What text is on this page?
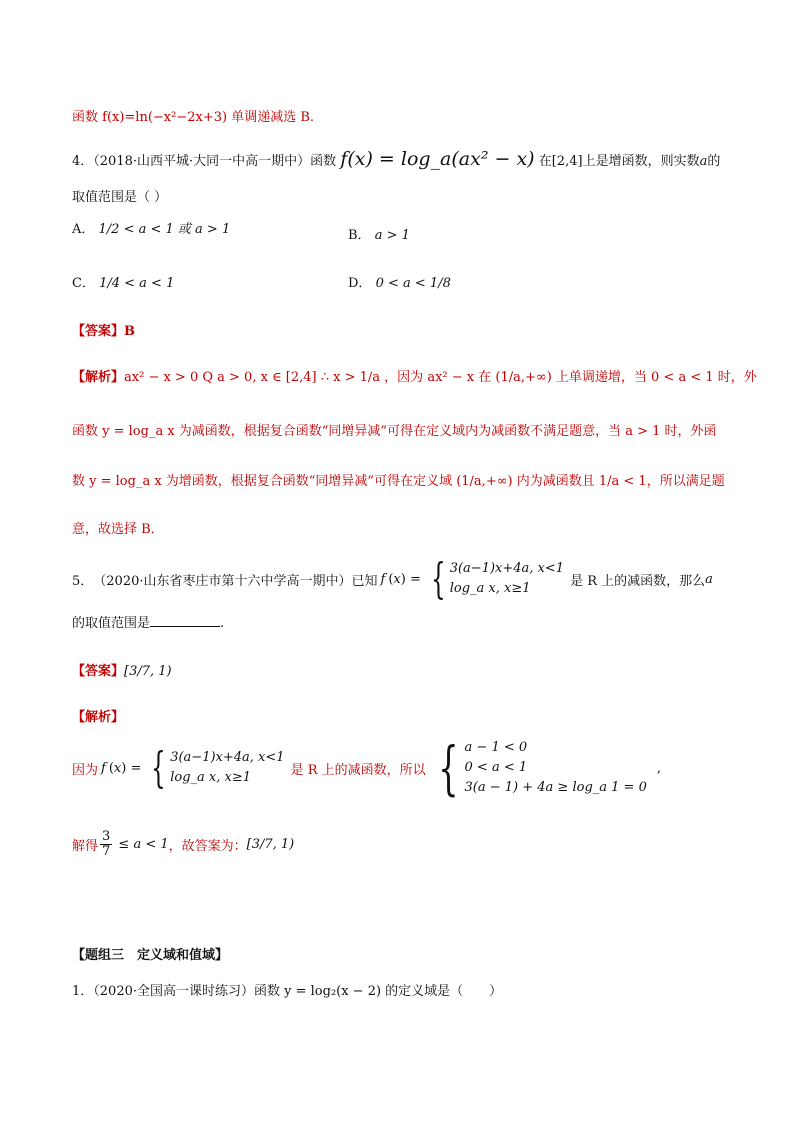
函数 f(x)=ln(−x²−2x+3) 单调递减选 B.
4．（2018·山西平城·大同一中高一期中）函数 f(x) = log_a(ax² − x) 在[2,4]上是增函数，则实数a的
取值范围是（ ）
A． 1/2 < a < 1 或 a > 1	B． a > 1
C． 1/4 < a < 1	D． 0 < a < 1/8
【答案】B
【解析】ax² − x > 0 Q a > 0, x ∈ [2,4] ∴ x > 1/a ，因为 ax² − x 在 (1/a,+∞) 上单调递增，当 0 < a < 1 时，外
函数 y = log_a x 为减函数，根据复合函数“同增异减”可得在定义域内为减函数不满足题意，当 a > 1 时，外函
数 y = log_a x 为增函数，根据复合函数“同增异减”可得在定义域 (1/a,+∞) 内为减函数且 1/a < 1，所以满足题
意，故选择 B．
5． （2020·山东省枣庄市第十六中学高一期中） 已知 f ( x ) = { 3(a−1)x+4a, x<1
log_a x, x≥1	是 R 上的减函数，那么 a
的取值范围是	.
【答案】[3/7, 1)
【解析】
因为 f ( x ) = { 3(a−1)x+4a, x<1
log_a x, x≥1	是 R 上的减函数，所以 { a − 1 < 0
0 < a < 1
3(a − 1) + 4a ≥ log_a 1 = 0
,
解得 $\frac{3}{7} \le a < 1$ ，故答案为： [3/7, 1)
【题组三　定义域和值域】
1．（2020·全国高一课时练习）函数 y = log₂(x − 2) 的定义域是（　　）
